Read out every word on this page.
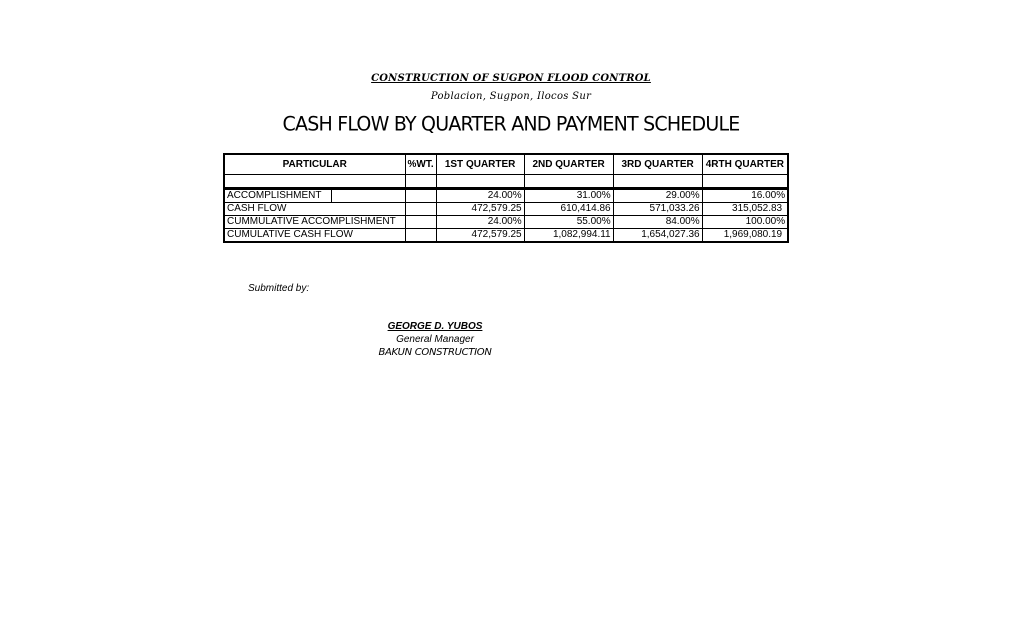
CONSTRUCTION OF SUGPON FLOOD CONTROL
Poblacion, Sugpon, Ilocos Sur
CASH FLOW BY QUARTER AND PAYMENT SCHEDULE
PARTICULAR		%WT.	1ST QUARTER	2ND QUARTER	3RD QUARTER	4RTH QUARTER

ACCOMPLISHMENT			24.00%	31.00%	29.00%	16.00%
CASH FLOW			472,579.25	610,414.86	571,033.26	315,052.83
CUMMULATIVE ACCOMPLISHMENT			24.00%	55.00%	84.00%	100.00%
CUMULATIVE CASH FLOW			472,579.25	1,082,994.11	1,654,027.36	1,969,080.19
Submitted by:
GEORGE D. YUBOS
General Manager
BAKUN CONSTRUCTION
